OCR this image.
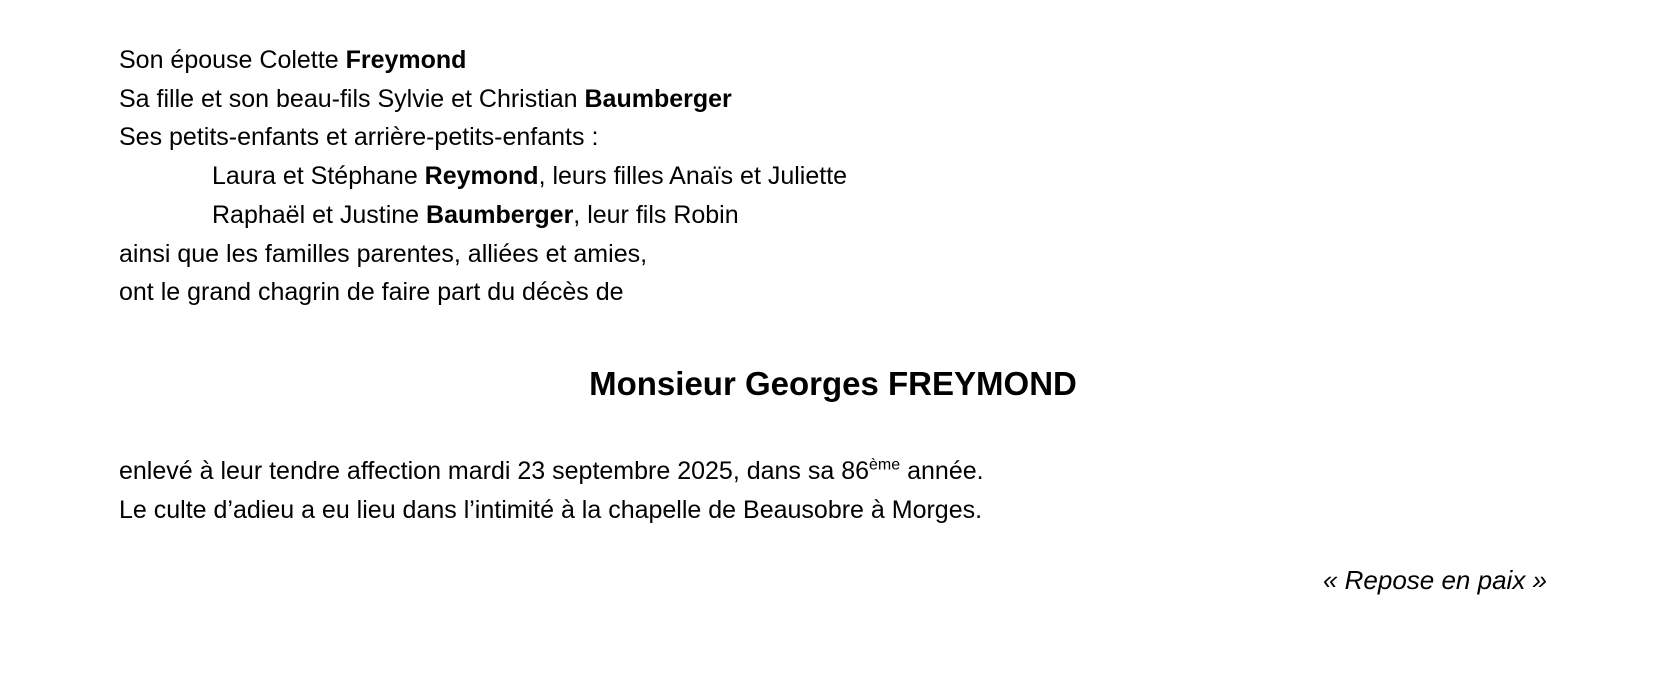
Son épouse Colette Freymond

Sa fille et son beau-fils Sylvie et Christian Baumberger

Ses petits-enfants et arrière-petits-enfants :

Laura et Stéphane Reymond, leurs filles Anaïs et Juliette

Raphaël et Justine Baumberger, leur fils Robin

ainsi que les familles parentes, alliées et amies,

ont le grand chagrin de faire part du décès de

Monsieur Georges FREYMOND

enlevé à leur tendre affection mardi 23 septembre 2025, dans sa 86ème année.

Le culte d’adieu a eu lieu dans l’intimité à la chapelle de Beausobre à Morges.

« Repose en paix »
